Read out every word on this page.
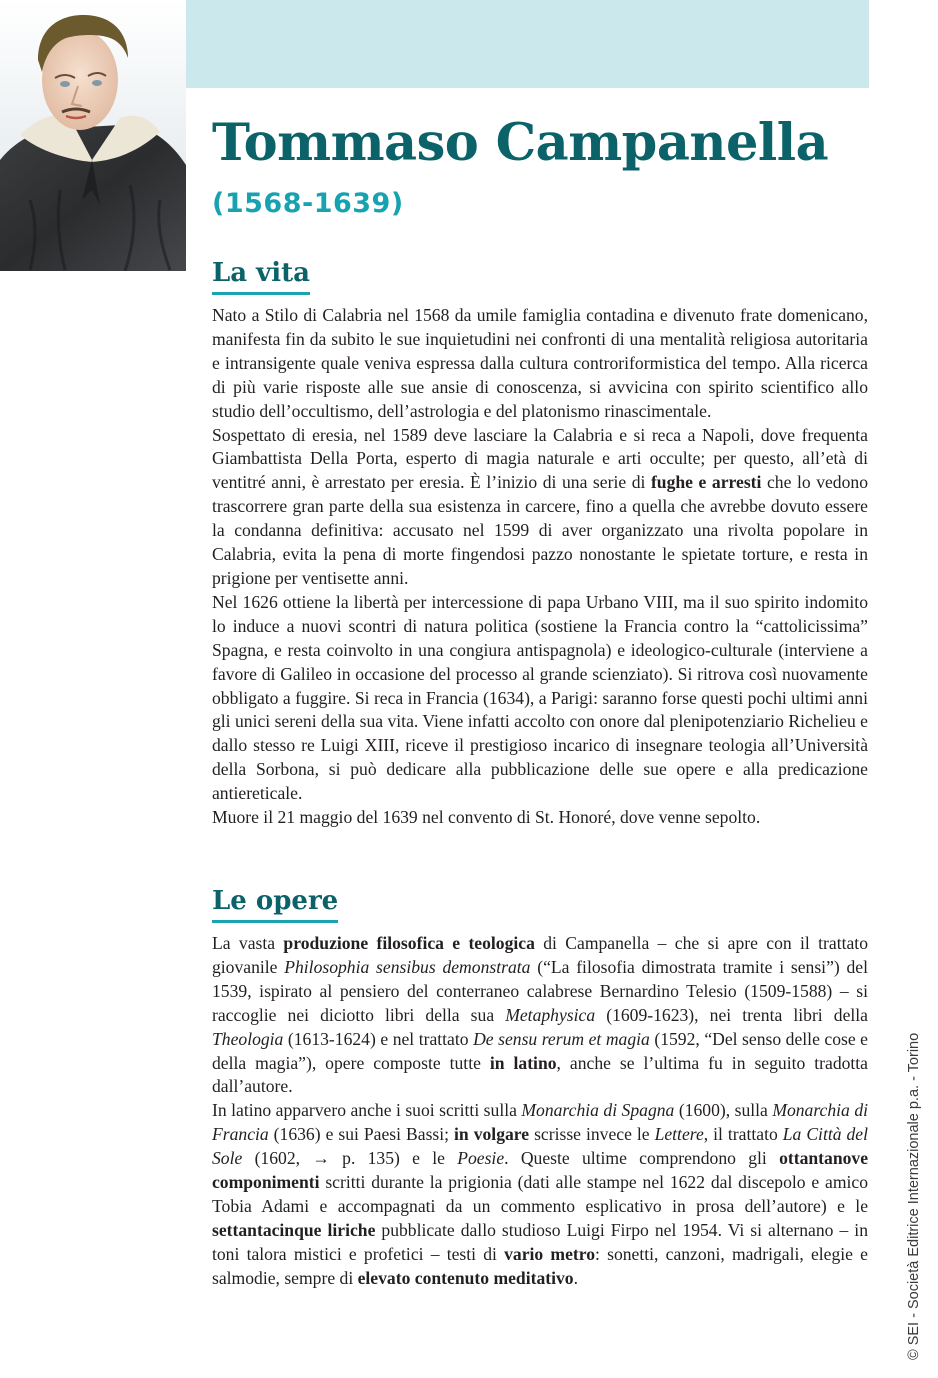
Tommaso Campanella
(1568-1639)
La vita

Nato a Stilo di Calabria nel 1568 da umile famiglia contadina e divenuto frate domenicano, manifesta fin da subito le sue inquietudini nei confronti di una mentalità religiosa autoritaria e intransigente quale veniva espressa dalla cultura controriformistica del tempo. Alla ricerca di più varie risposte alle sue ansie di conoscenza, si avvicina con spirito scientifico allo studio dell’occultismo, dell’astrologia e del platonismo rinascimentale.

Sospettato di eresia, nel 1589 deve lasciare la Calabria e si reca a Napoli, dove frequenta Giambattista Della Porta, esperto di magia naturale e arti occulte; per questo, all’età di ventitré anni, è arrestato per eresia. È l’inizio di una serie di fughe e arresti che lo vedono trascorrere gran parte della sua esistenza in carcere, fino a quella che avrebbe dovuto essere la condanna definitiva: accusato nel 1599 di aver organizzato una rivolta popolare in Calabria, evita la pena di morte fingendosi pazzo nonostante le spietate torture, e resta in prigione per ventisette anni.

Nel 1626 ottiene la libertà per intercessione di papa Urbano VIII, ma il suo spirito indomito lo induce a nuovi scontri di natura politica (sostiene la Francia contro la “cattolicissima” Spagna, e resta coinvolto in una congiura antispagnola) e ideologico-culturale (interviene a favore di Galileo in occasione del processo al grande scienziato). Si ritrova così nuovamente obbligato a fuggire. Si reca in Francia (1634), a Parigi: saranno forse questi pochi ultimi anni gli unici sereni della sua vita. Viene infatti accolto con onore dal plenipotenziario Richelieu e dallo stesso re Luigi XIII, riceve il prestigioso incarico di insegnare teologia all’Università della Sorbona, si può dedicare alla pubblicazione delle sue opere e alla predicazione antiereticale.

Muore il 21 maggio del 1639 nel convento di St. Honoré, dove venne sepolto.

Le opere

La vasta produzione filosofica e teologica di Campanella – che si apre con il trattato giovanile Philosophia sensibus demonstrata (“La filosofia dimostrata tramite i sensi”) del 1539, ispirato al pensiero del conterraneo calabrese Bernardino Telesio (1509-1588) – si raccoglie nei diciotto libri della sua Metaphysica (1609-1623), nei trenta libri della Theologia (1613-1624) e nel trattato De sensu rerum et magia (1592, “Del senso delle cose e della magia”), opere composte tutte in latino, anche se l’ultima fu in seguito tradotta dall’autore.

In latino apparvero anche i suoi scritti sulla Monarchia di Spagna (1600), sulla Monarchia di Francia (1636) e sui Paesi Bassi; in volgare scrisse invece le Lettere, il trattato La Città del Sole (1602, → p. 135) e le Poesie. Queste ultime comprendono gli ottantanove componimenti scritti durante la prigionia (dati alle stampe nel 1622 dal discepolo e amico Tobia Adami e accompagnati da un commento esplicativo in prosa dell’autore) e le settantacinque liriche pubblicate dallo studioso Luigi Firpo nel 1954. Vi si alternano – in toni talora mistici e profetici – testi di vario metro: sonetti, canzoni, madrigali, elegie e salmodie, sempre di elevato contenuto meditativo.	© SEI - Società Editrice Internazionale p.a. - Torino
